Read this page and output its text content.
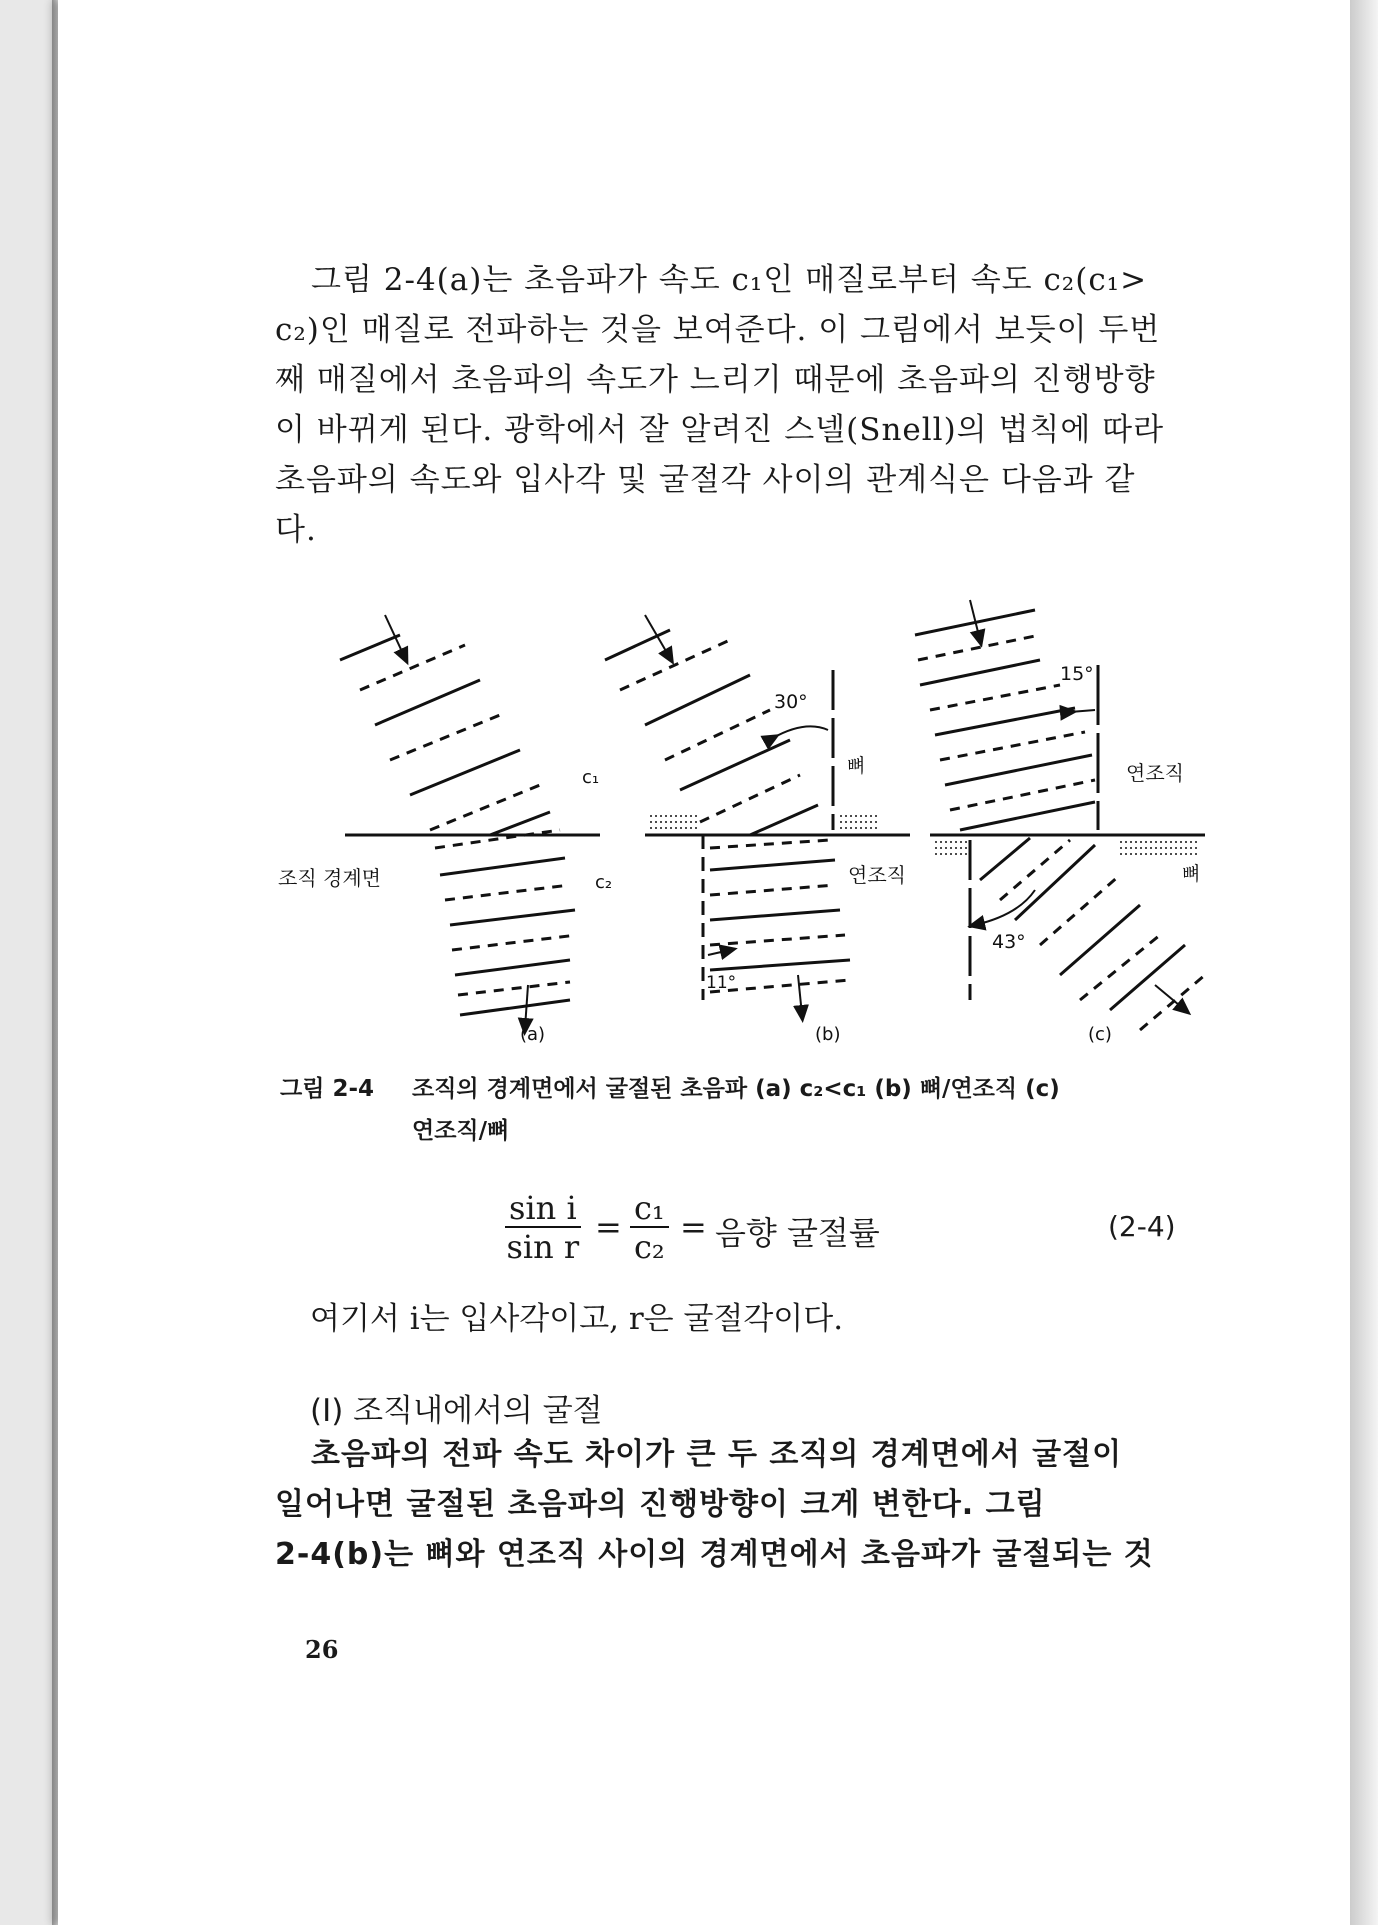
그림 2-4(a)는 초음파가 속도 c₁인 매질로부터 속도 c₂(c₁>

c₂)인 매질로 전파하는 것을 보여준다. 이 그림에서 보듯이 두번

째 매질에서 초음파의 속도가 느리기 때문에 초음파의 진행방향

이 바뀌게 된다. 광학에서 잘 알려진 스넬(Snell)의 법칙에 따라

초음파의 속도와 입사각 및 굴절각 사이의 관계식은 다음과 같

다.

c₁
c₂
조직 경계면
(a)
30°
뼈
연조직
11°
(b)
15°
연조직
뼈
43°
(c)
그림 2-4 조직의 경계면에서 굴절된 초음파 (a) c₂<c₁ (b) 뼈/연조직 (c)
연조직/뼈
$\frac{\text{sin i}}{\text{sin r}} = \frac{\text{c₁}}{\text{c₂}}$ = 음향 굴절률	(2-4)
여기서 i는 입사각이고, r은 굴절각이다.
(I) 조직내에서의 굴절

초음파의 전파 속도 차이가 큰 두 조직의 경계면에서 굴절이

일어나면 굴절된 초음파의 진행방향이 크게 변한다. 그림

2-4(b)는 뼈와 연조직 사이의 경계면에서 초음파가 굴절되는 것

26
